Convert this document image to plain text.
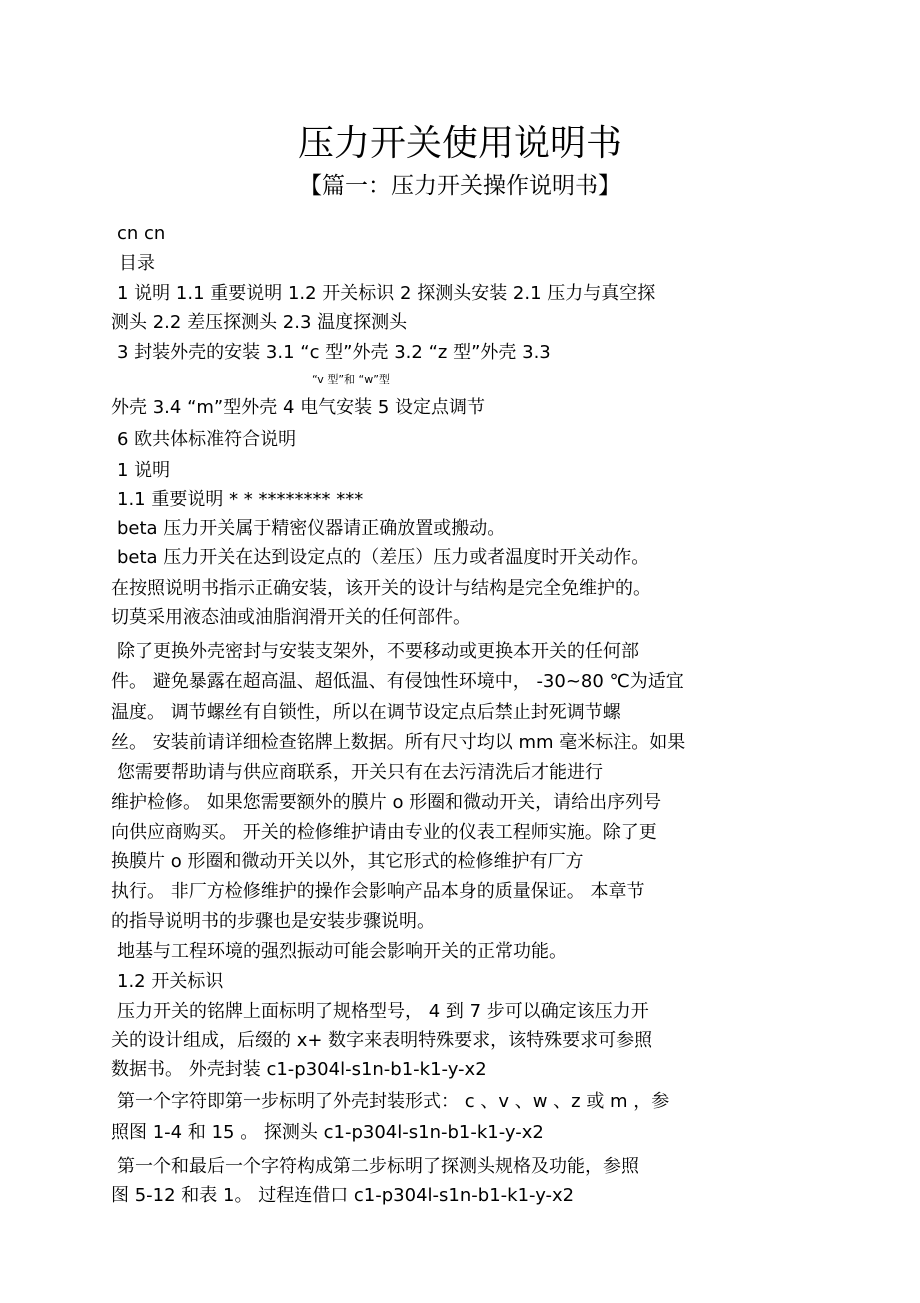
压力开关使用说明书
【篇一：压力开关操作说明书】
cn cn
目录
1 说明 1.1 重要说明 1.2 开关标识 2 探测头安装 2.1 压力与真空探
测头 2.2 差压探测头 2.3 温度探测头
3 封装外壳的安装 3.1 “c 型”外壳 3.2 “z 型”外壳 3.3
“v 型”和 “w”型
外壳 3.4 “m”型外壳 4 电气安装 5 设定点调节
6 欧共体标准符合说明
1 说明
1.1 重要说明 * * ******** ***
beta 压力开关属于精密仪器请正确放置或搬动。
beta 压力开关在达到设定点的（差压）压力或者温度时开关动作。
在按照说明书指示正确安装，该开关的设计与结构是完全免维护的。
切莫采用液态油或油脂润滑开关的任何部件。
除了更换外壳密封与安装支架外，不要移动或更换本开关的任何部
件。 避免暴露在超高温、超低温、有侵蚀性环境中， -30~80 ℃为适宜
温度。 调节螺丝有自锁性，所以在调节设定点后禁止封死调节螺
丝。 安装前请详细检查铭牌上数据。所有尺寸均以 mm 毫米标注。如果
您需要帮助请与供应商联系，开关只有在去污清洗后才能进行
维护检修。 如果您需要额外的膜片 o 形圈和微动开关，请给出序列号
向供应商购买。 开关的检修维护请由专业的仪表工程师实施。除了更
换膜片 o 形圈和微动开关以外，其它形式的检修维护有厂方
执行。 非厂方检修维护的操作会影响产品本身的质量保证。 本章节
的指导说明书的步骤也是安装步骤说明。
地基与工程环境的强烈振动可能会影响开关的正常功能。
1.2 开关标识
压力开关的铭牌上面标明了规格型号， 4 到 7 步可以确定该压力开
关的设计组成，后缀的 x+ 数字来表明特殊要求，该特殊要求可参照
数据书。 外壳封装 c1-p304l-s1n-b1-k1-y-x2
第一个字符即第一步标明了外壳封装形式： c 、v 、w 、z 或 m ，参
照图 1-4 和 15 。 探测头 c1-p304l-s1n-b1-k1-y-x2
第一个和最后一个字符构成第二步标明了探测头规格及功能，参照
图 5-12 和表 1。 过程连借口 c1-p304l-s1n-b1-k1-y-x2
